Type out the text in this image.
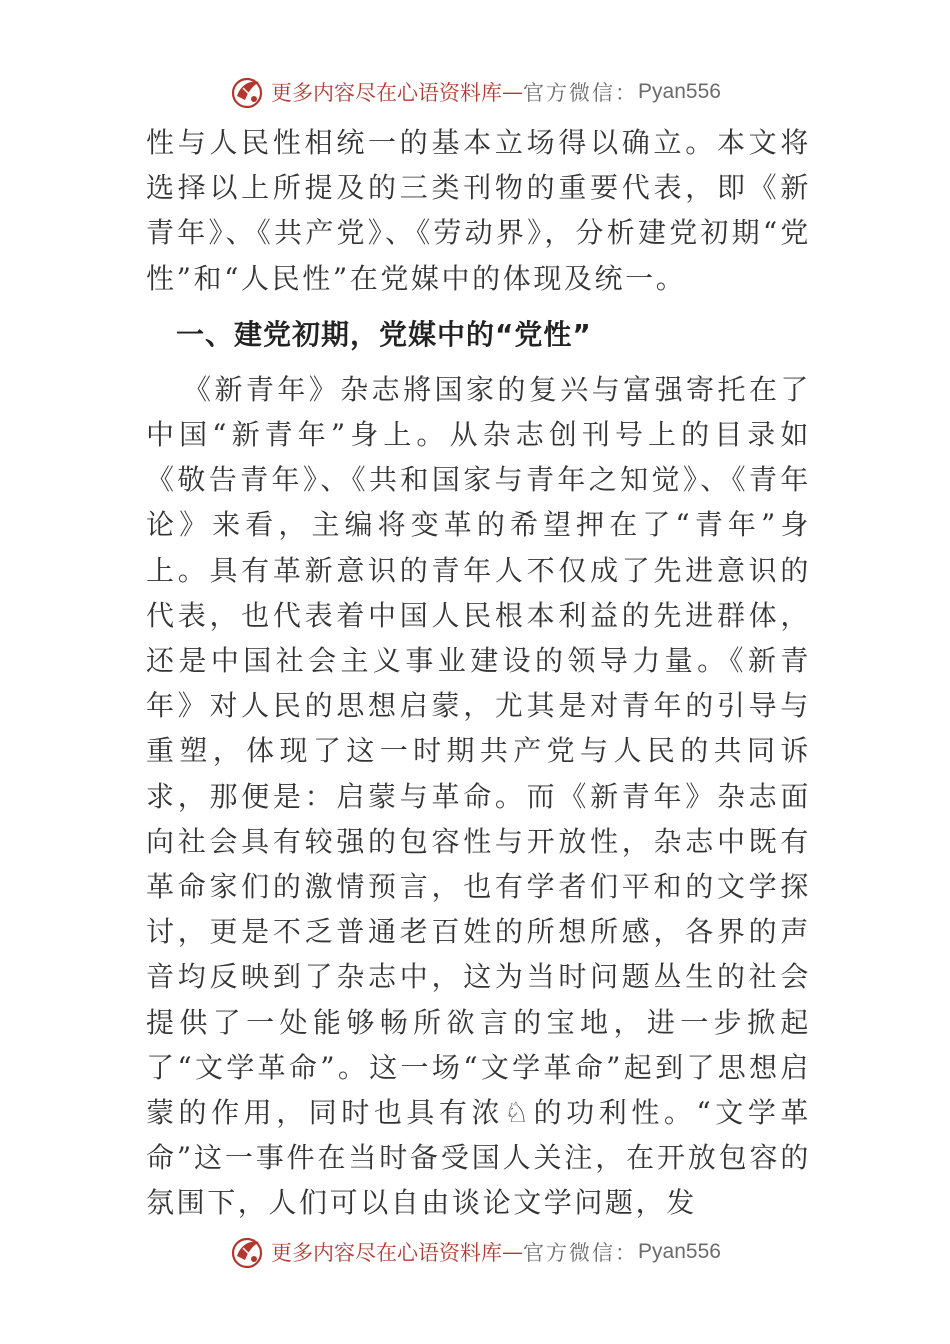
更多内容尽在心语资料库 — 官方微信： Pyan556

性与人民性相统一的基本立场得以确立。本文将选择以上所提及的三类刊物的重要代表，即《新青年》、《共产党》、《劳动界》，分析建党初期“党性”和“人民性”在党媒中的体现及统一。

一、建党初期，党媒中的“党性”

《新青年》杂志將国家的复兴与富强寄托在了中国“新青年”身上。从杂志创刊号上的目录如《敬告青年》、《共和国家与青年之知觉》、《青年论》来看，主编将变革的希望押在了“青年”身上。具有革新意识的青年人不仅成了先进意识的代表，也代表着中国人民根本利益的先进群体，还是中国社会主义事业建设的领导力量。《新青年》对人民的思想启蒙，尤其是对青年的引导与重塑，体现了这一时期共产党与人民的共同诉求，那便是：启蒙与革命。而《新青年》杂志面向社会具有较强的包容性与开放性，杂志中既有革命家们的激情预言，也有学者们平和的文学探讨，更是不乏普通老百姓的所想所感，各界的声音均反映到了杂志中，这为当时问题丛生的社会提供了一处能够畅所欲言的宝地，进一步掀起了“文学革命”。这一场“文学革命”起到了思想启蒙的作用，同时也具有浓♘的功利性。“文学革命”这一事件在当时备受国人关注，在开放包容的氛围下，人们可以自由谈论文学问题，发

更多内容尽在心语资料库 — 官方微信： Pyan556
